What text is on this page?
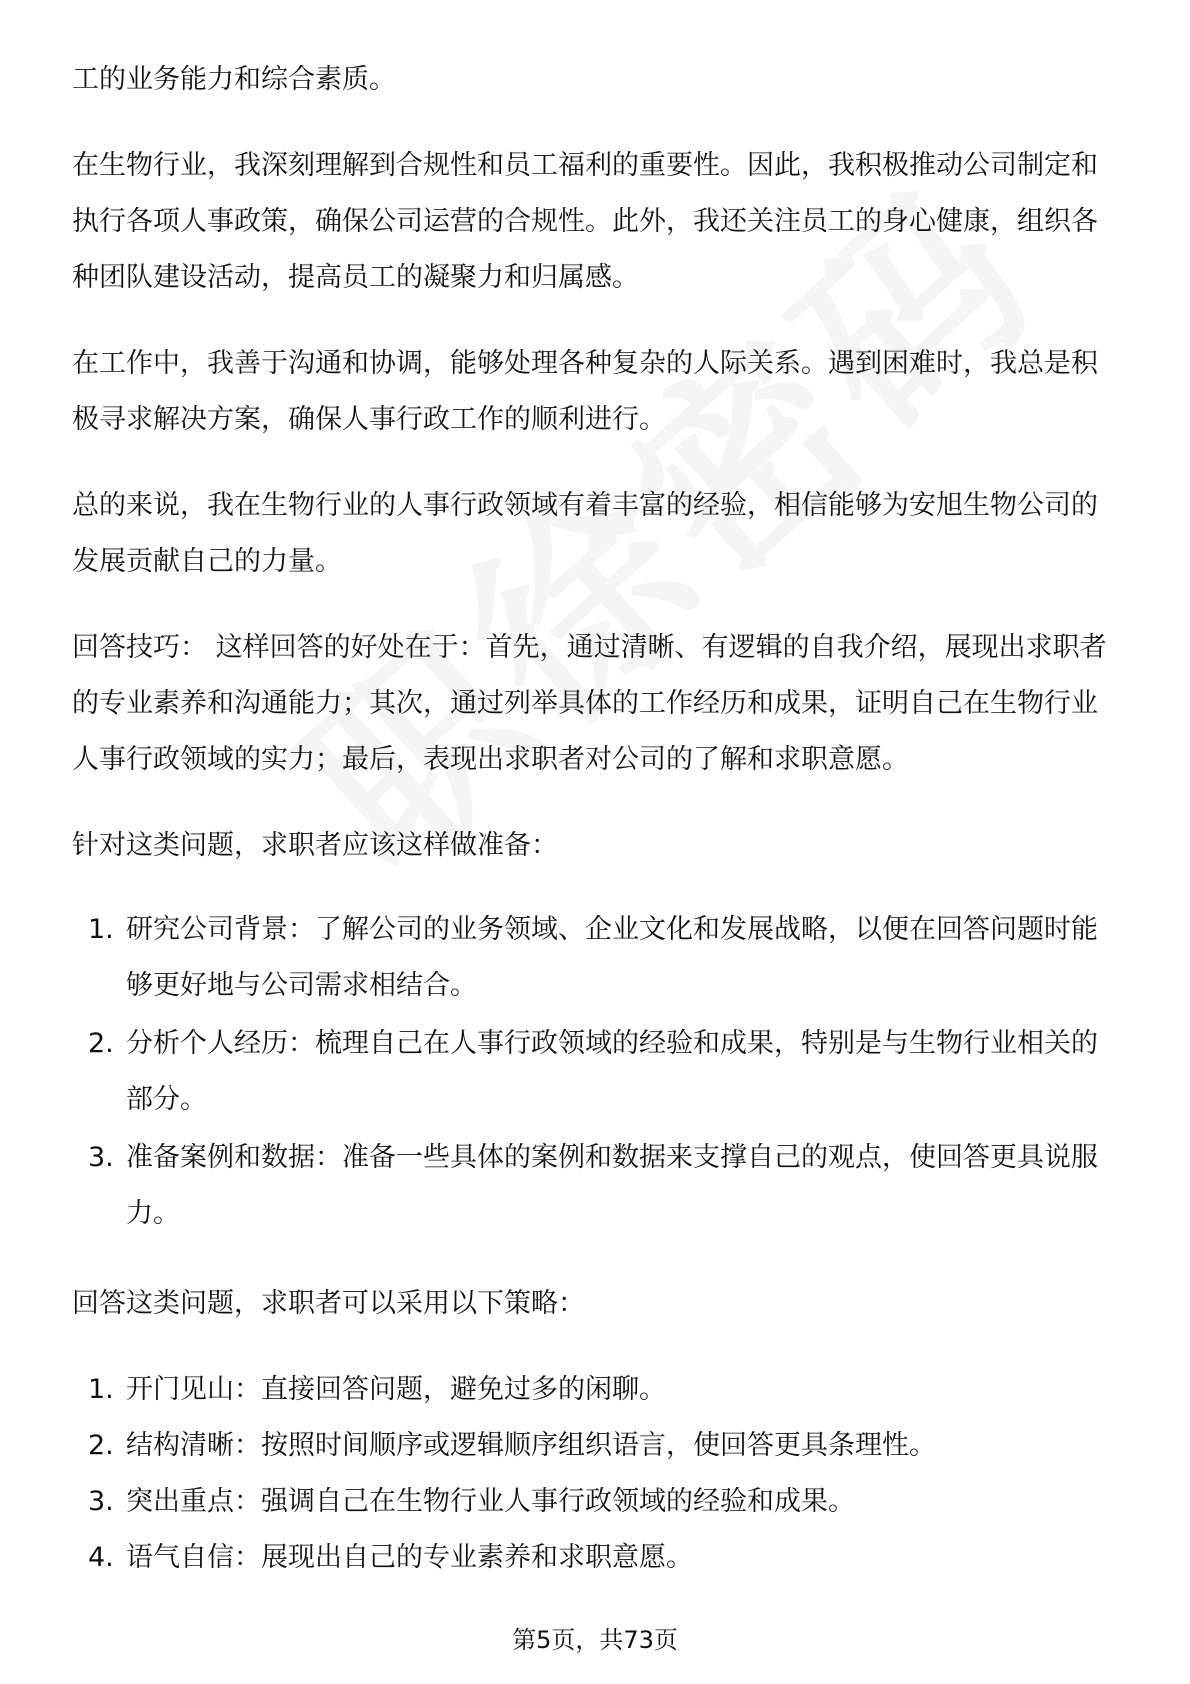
工的业务能力和综合素质。

在生物行业，我深刻理解到合规性和员工福利的重要性。因此，我积极推动公司制定和执行各项人事政策，确保公司运营的合规性。此外，我还关注员工的身心健康，组织各种团队建设活动，提高员工的凝聚力和归属感。

在工作中，我善于沟通和协调，能够处理各种复杂的人际关系。遇到困难时，我总是积极寻求解决方案，确保人事行政工作的顺利进行。

总的来说，我在生物行业的人事行政领域有着丰富的经验，相信能够为安旭生物公司的发展贡献自己的力量。

回答技巧： 这样回答的好处在于：首先，通过清晰、有逻辑的自我介绍，展现出求职者的专业素养和沟通能力；其次，通过列举具体的工作经历和成果，证明自己在生物行业人事行政领域的实力；最后，表现出求职者对公司的了解和求职意愿。

针对这类问题，求职者应该这样做准备：

1. 研究公司背景：了解公司的业务领域、企业文化和发展战略，以便在回答问题时能够更好地与公司需求相结合。
2. 分析个人经历：梳理自己在人事行政领域的经验和成果，特别是与生物行业相关的部分。
3. 准备案例和数据：准备一些具体的案例和数据来支撑自己的观点，使回答更具说服力。

回答这类问题，求职者可以采用以下策略：

1. 开门见山：直接回答问题，避免过多的闲聊。
2. 结构清晰：按照时间顺序或逻辑顺序组织语言，使回答更具条理性。
3. 突出重点：强调自己在生物行业人事行政领域的经验和成果。
4. 语气自信：展现出自己的专业素养和求职意愿。
第5页，共73页
